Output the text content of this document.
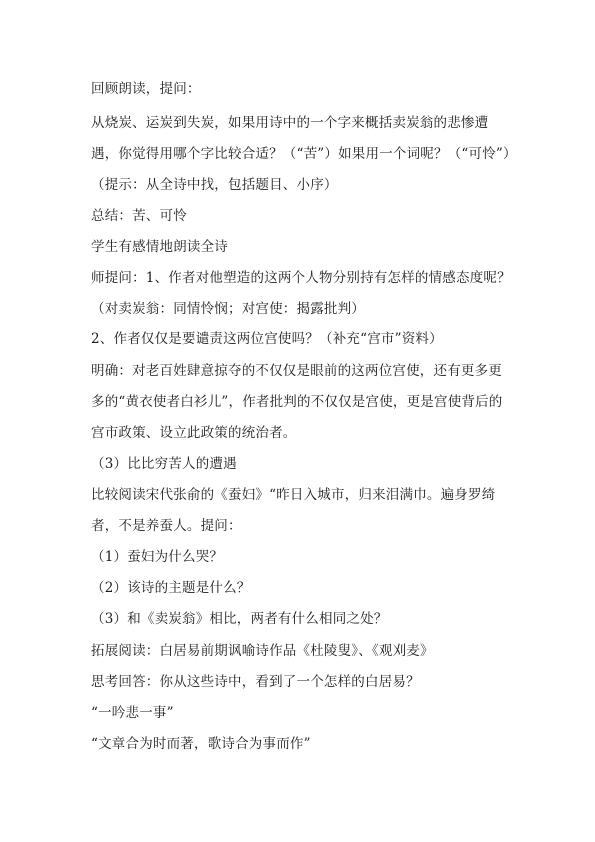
回顾朗读，提问：
从烧炭、运炭到失炭，如果用诗中的一个字来概括卖炭翁的悲惨遭
遇，你觉得用哪个字比较合适？（“苦”）如果用一个词呢？（“可怜”）
（提示：从全诗中找，包括题目、小序）
总结：苦、可怜
学生有感情地朗读全诗
师提问：1、作者对他塑造的这两个人物分别持有怎样的情感态度呢？
（对卖炭翁：同情怜悯；对宫使：揭露批判）
2、作者仅仅是要谴责这两位宫使吗？（补充“宫市”资料）
明确：对老百姓肆意掠夺的不仅仅是眼前的这两位宫使，还有更多更
多的“黄衣使者白衫儿”，作者批判的不仅仅是宫使，更是宫使背后的
宫市政策、设立此政策的统治者。
（3）比比穷苦人的遭遇
比较阅读宋代张俞的《蚕妇》“昨日入城市，归来泪满巾。遍身罗绮
者，不是养蚕人。提问：
（1）蚕妇为什么哭？
（2）该诗的主题是什么？
（3）和《卖炭翁》相比，两者有什么相同之处？
拓展阅读：白居易前期讽喻诗作品《杜陵叟》、《观刈麦》
思考回答：你从这些诗中，看到了一个怎样的白居易？
“一吟悲一事”
“文章合为时而著，歌诗合为事而作”
